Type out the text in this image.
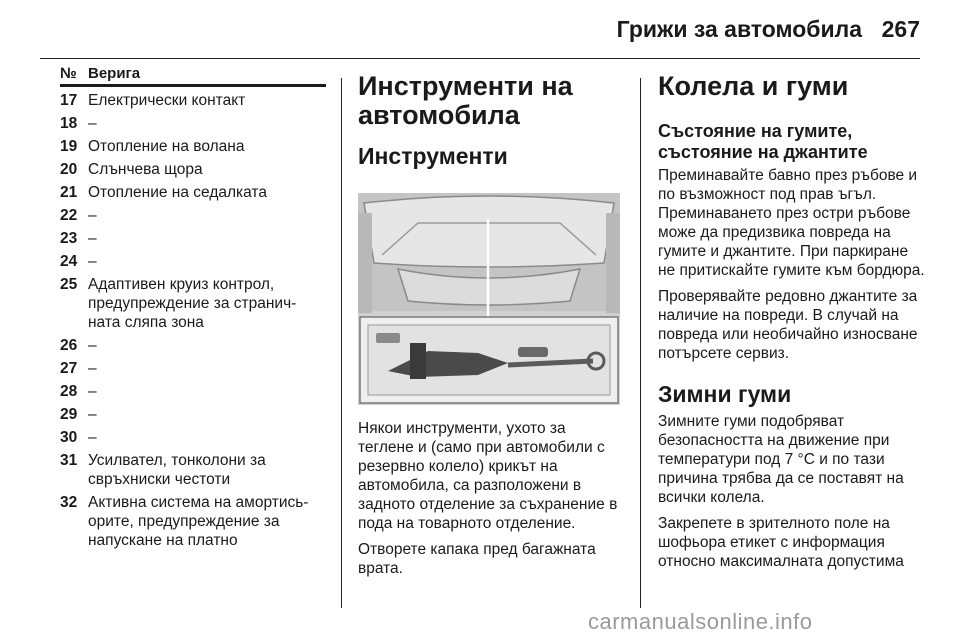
Грижи за автомобила 267
№ Верига
17 Електрически контакт
18 –
19 Отопление на волана
20 Слънчева щора
21 Отопление на седалката
22 –
23 –
24 –
25 Адаптивен круиз контрол, предупреждение за странич‑ ната сляпа зона
26 –
27 –
28 –
29 –
30 –
31 Усилвател, тонколони за свръхниски честоти
32 Активна система на амортись‑ орите, предупреждение за напускане на платно
Инструменти на автомобила
Инструменти

Някои инструменти, ухото за теглене и (само при автомобили с резервно колело) крикът на автомобила, са разположени в задното отделение за съхранение в пода на товарното отделение.

Отворете капака пред багажната врата.

Колела и гуми
Състояние на гумите, състояние на джантите

Преминавайте бавно през ръбове и по възможност под прав ъгъл. Преминаването през остри ръбове може да предизвика повреда на гумите и джантите. При паркиране не притискайте гумите към бордюра.

Проверявайте редовно джантите за наличие на повреди. В случай на повреда или необичайно износване потърсете сервиз.

Зимни гуми

Зимните гуми подобряват безопасността на движение при температури под 7 °C и по тази причина трябва да се поставят на всички колела.

Закрепете в зрителното поле на шофьора етикет с информация относно максималната допустима

carmanualsonline.info
